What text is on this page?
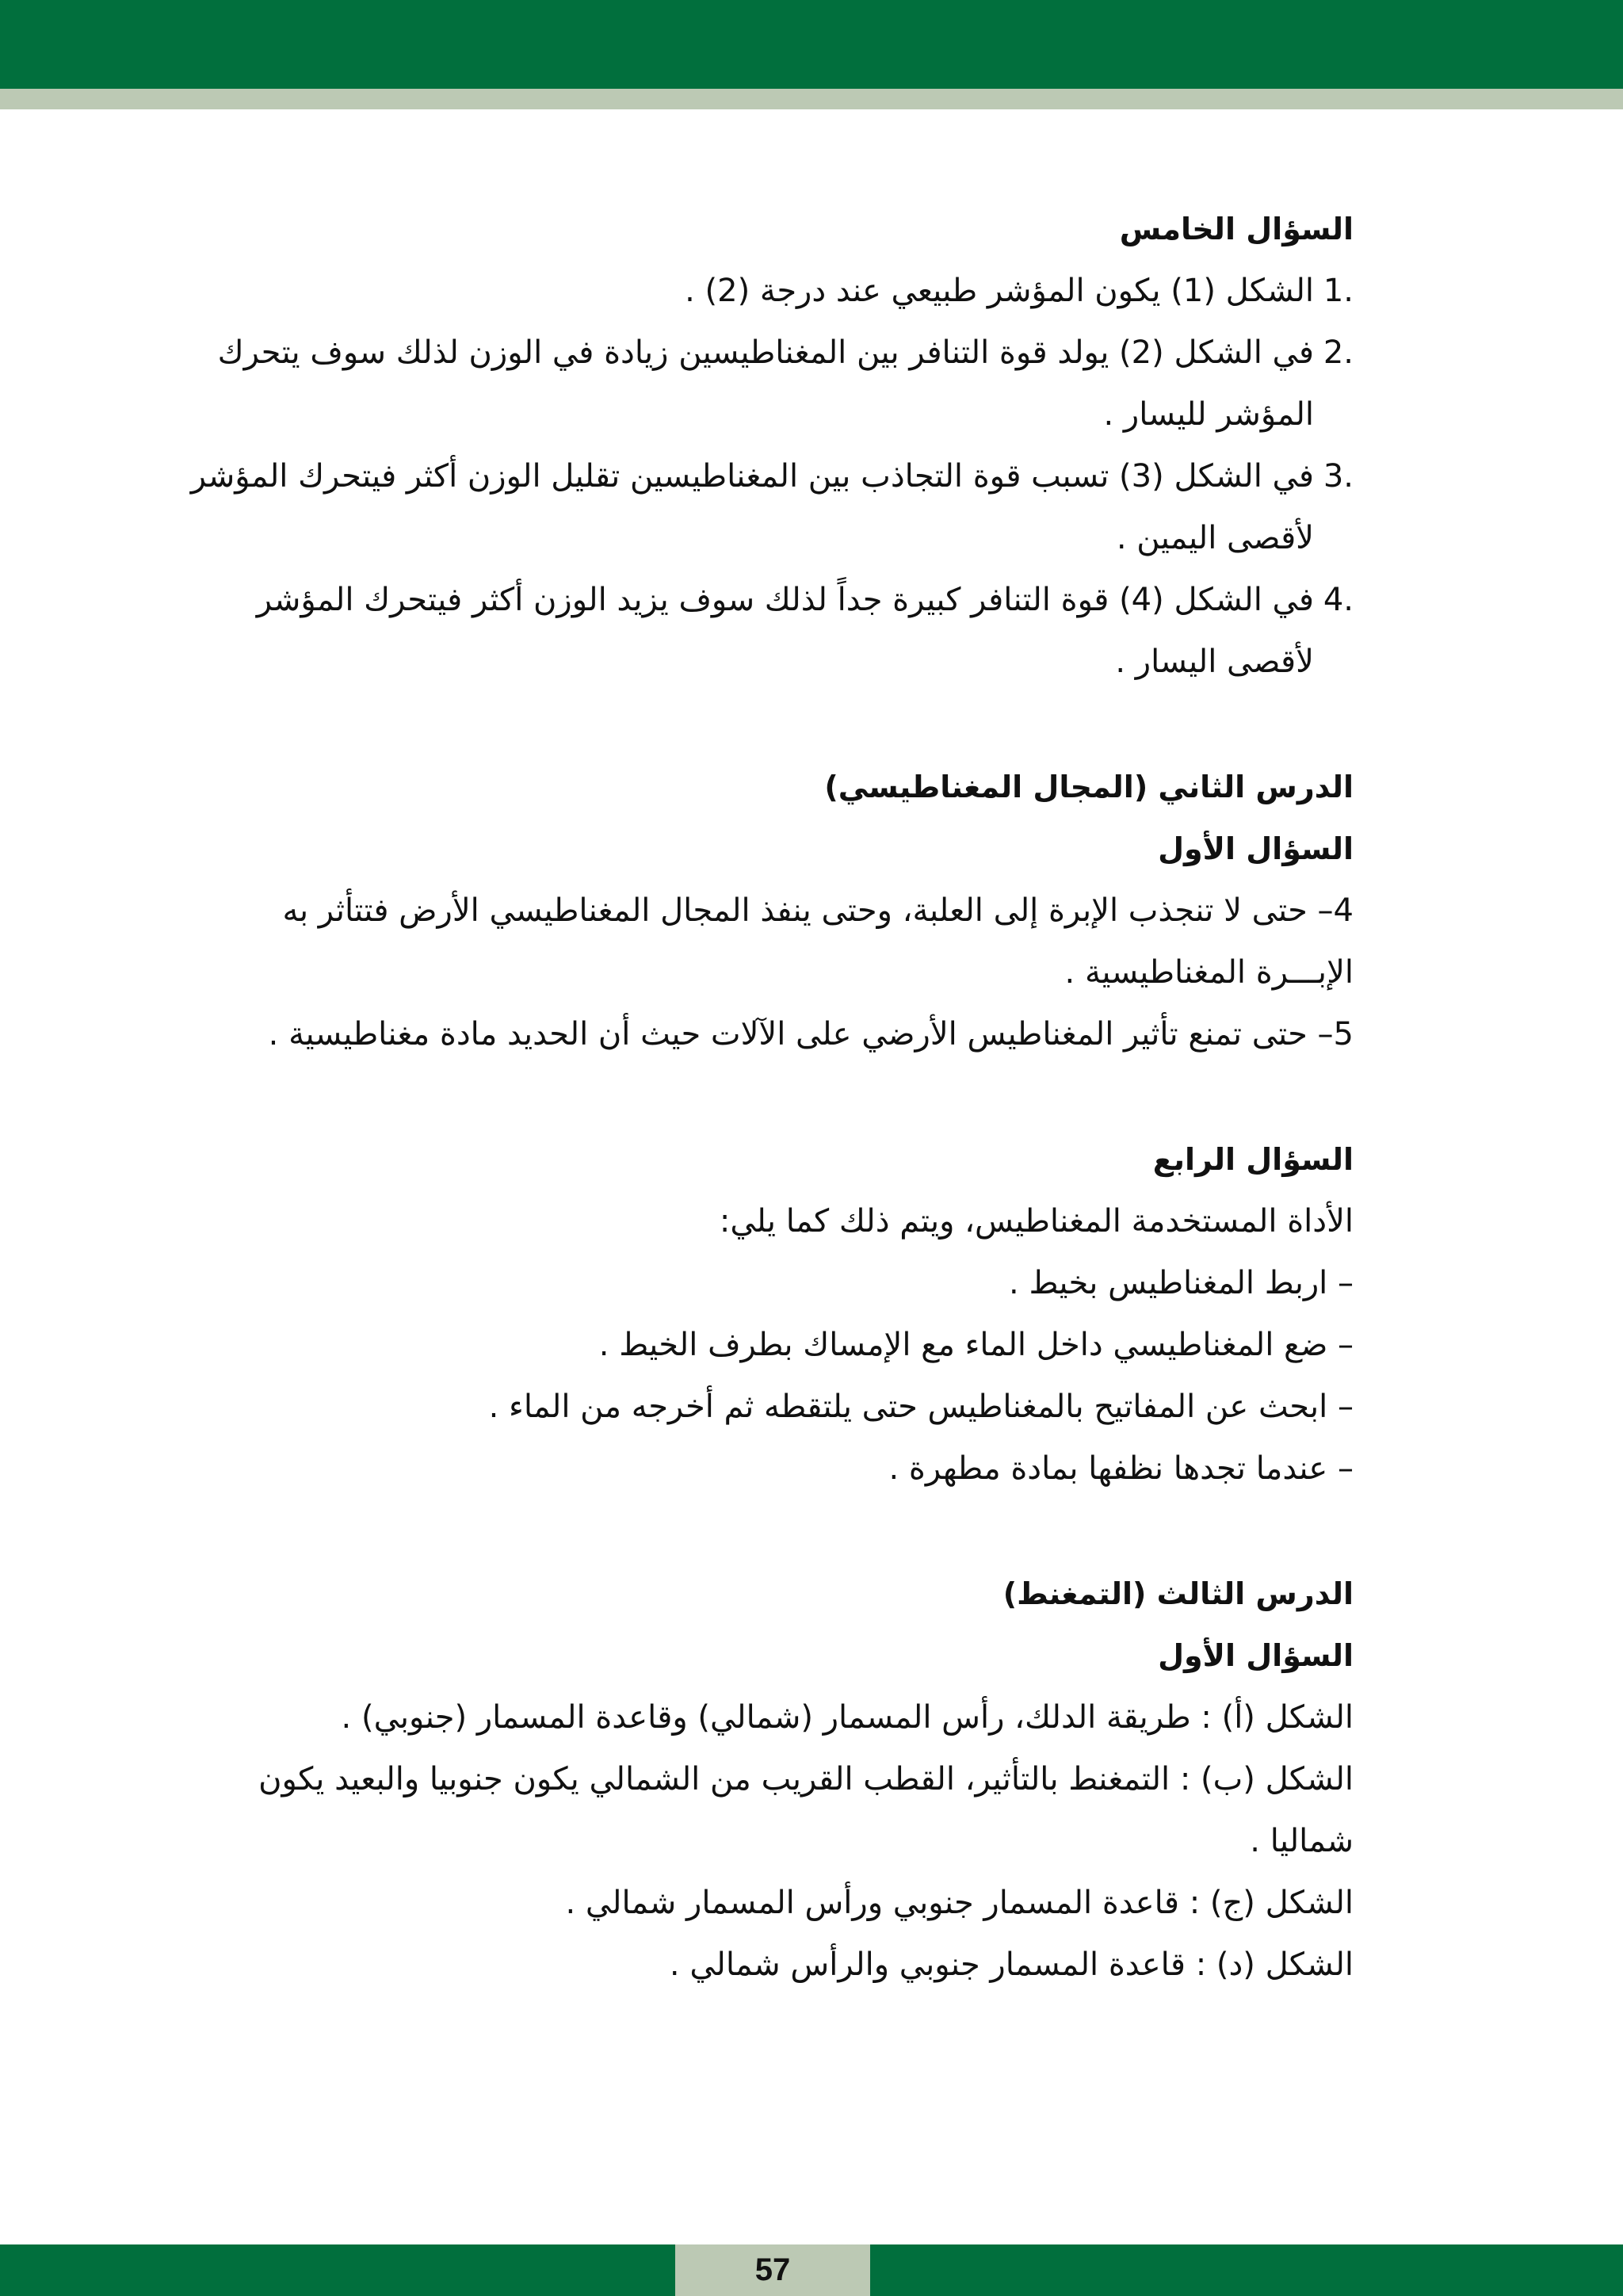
السؤال الخامس

.1
الشكل (1) يكون المؤشر طبيعي عند درجة (2) .
.2
في الشكل (2) يولد قوة التنافر بين المغناطيسين زيادة في الوزن لذلك سوف يتحرك المؤشر لليسار .
.3
في الشكل (3) تسبب قوة التجاذب بين المغناطيسين تقليل الوزن أكثر فيتحرك المؤشر لأقصى اليمين .
.4
في الشكل (4) قوة التنافر كبيرة جداً لذلك سوف يزيد الوزن أكثر فيتحرك المؤشر لأقصى اليسار .

الدرس الثاني (المجال المغناطيسي)

السؤال الأول

4– حتى لا تنجذب الإبرة إلى العلبة، وحتى ينفذ المجال المغناطيسي الأرض فتتأثر به الإبـــرة المغناطيسية .

5– حتى تمنع تأثير المغناطيس الأرضي على الآلات حيث أن الحديد مادة مغناطيسية .

السؤال الرابع

الأداة المستخدمة المغناطيس، ويتم ذلك كما يلي:

– اربط المغناطيس بخيط .

– ضع المغناطيسي داخل الماء مع الإمساك بطرف الخيط .

– ابحث عن المفاتيح بالمغناطيس حتى يلتقطه ثم أخرجه من الماء .

– عندما تجدها نظفها بمادة مطهرة .

الدرس الثالث (التمغنط)

السؤال الأول

الشكل (أ) : طريقة الدلك، رأس المسمار (شمالي) وقاعدة المسمار (جنوبي) .

الشكل (ب) : التمغنط بالتأثير، القطب القريب من الشمالي يكون جنوبيا والبعيد يكون شماليا .

الشكل (ج) : قاعدة المسمار جنوبي ورأس المسمار شمالي .

الشكل (د) : قاعدة المسمار جنوبي والرأس شمالي .

57
